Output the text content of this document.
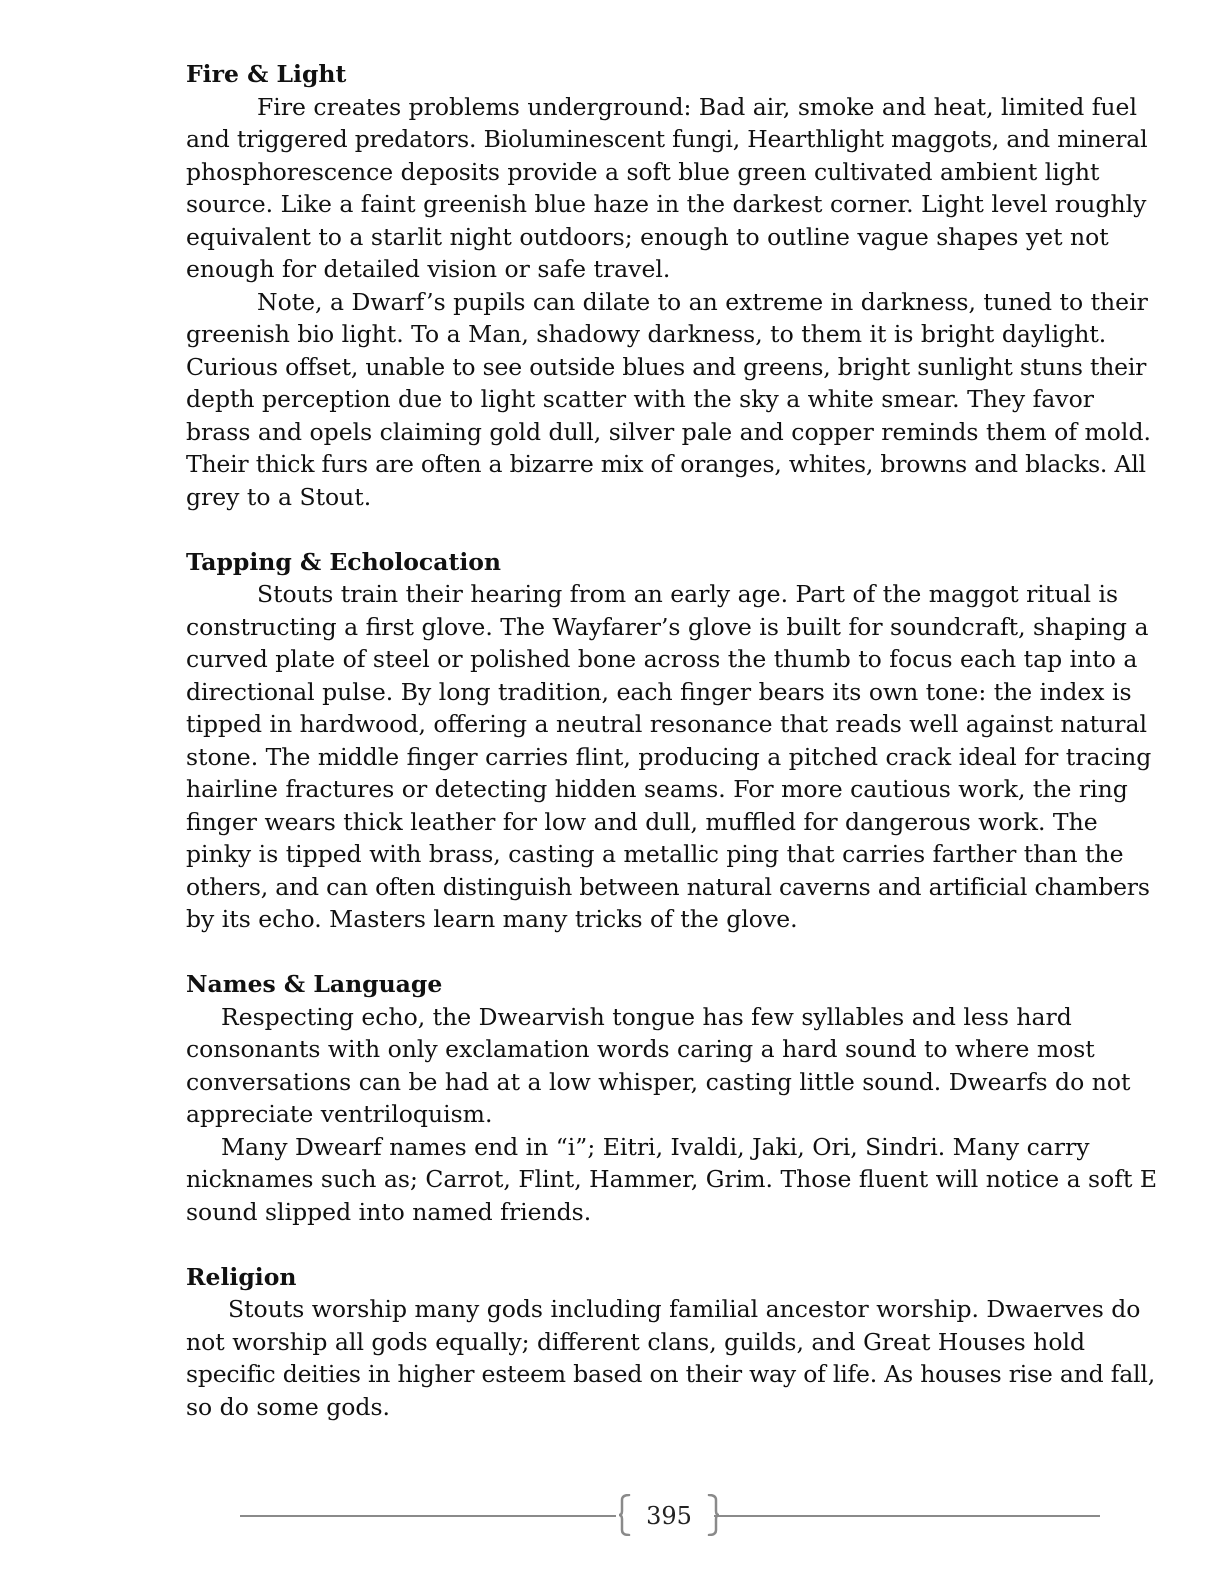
Fire & Light
Fire creates problems underground: Bad air, smoke and heat, limited fuel
and triggered predators. Bioluminescent fungi, Hearthlight maggots, and mineral
phosphorescence deposits provide a soft blue green cultivated ambient light
source. Like a faint greenish blue haze in the darkest corner. Light level roughly
equivalent to a starlit night outdoors; enough to outline vague shapes yet not
enough for detailed vision or safe travel.
Note, a Dwarf’s pupils can dilate to an extreme in darkness, tuned to their
greenish bio light. To a Man, shadowy darkness, to them it is bright daylight.
Curious offset, unable to see outside blues and greens, bright sunlight stuns their
depth perception due to light scatter with the sky a white smear. They favor
brass and opels claiming gold dull, silver pale and copper reminds them of mold.
Their thick furs are often a bizarre mix of oranges, whites, browns and blacks. All
grey to a Stout.
Tapping & Echolocation
Stouts train their hearing from an early age. Part of the maggot ritual is
constructing a first glove. The Wayfarer’s glove is built for soundcraft, shaping a
curved plate of steel or polished bone across the thumb to focus each tap into a
directional pulse. By long tradition, each finger bears its own tone: the index is
tipped in hardwood, offering a neutral resonance that reads well against natural
stone. The middle finger carries flint, producing a pitched crack ideal for tracing
hairline fractures or detecting hidden seams. For more cautious work, the ring
finger wears thick leather for low and dull, muffled for dangerous work. The
pinky is tipped with brass, casting a metallic ping that carries farther than the
others, and can often distinguish between natural caverns and artificial chambers
by its echo. Masters learn many tricks of the glove.
Names & Language
Respecting echo, the Dwearvish tongue has few syllables and less hard
consonants with only exclamation words caring a hard sound to where most
conversations can be had at a low whisper, casting little sound. Dwearfs do not
appreciate ventriloquism.
Many Dwearf names end in “i”; Eitri, Ivaldi, Jaki, Ori, Sindri. Many carry
nicknames such as; Carrot, Flint, Hammer, Grim. Those fluent will notice a soft E
sound slipped into named friends.
Religion
Stouts worship many gods including familial ancestor worship. Dwaerves do
not worship all gods equally; different clans, guilds, and Great Houses hold
specific deities in higher esteem based on their way of life. As houses rise and fall,
so do some gods.
395
